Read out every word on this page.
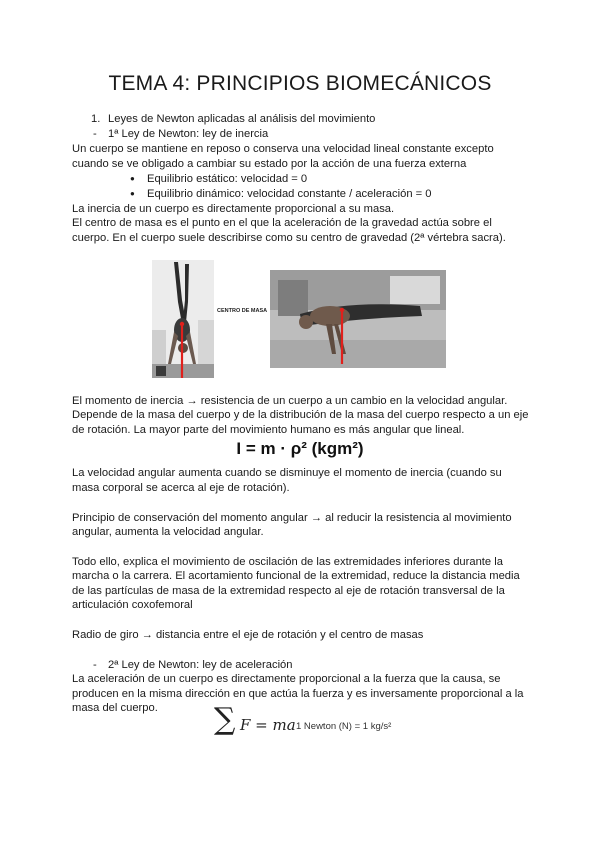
TEMA 4: PRINCIPIOS BIOMECÁNICOS
1. Leyes de Newton aplicadas al análisis del movimiento
- 1ª Ley de Newton: ley de inercia
Un cuerpo se mantiene en reposo o conserva una velocidad lineal constante excepto
cuando se ve obligado a cambiar su estado por la acción de una fuerza externa
● Equilibrio estático: velocidad = 0
● Equilibrio dinámico: velocidad constante / aceleración = 0
La inercia de un cuerpo es directamente proporcional a su masa.
El centro de masa es el punto en el que la aceleración de la gravedad actúa sobre el
cuerpo. En el cuerpo suele describirse como su centro de gravedad (2ª vértebra sacra).
CENTRO DE MASA
El momento de inercia → resistencia de un cuerpo a un cambio en la velocidad angular.
Depende de la masa del cuerpo y de la distribución de la masa del cuerpo respecto a un eje
de rotación. La mayor parte del movimiento humano es más angular que lineal.
I = m · ρ² (kgm²)
La velocidad angular aumenta cuando se disminuye el momento de inercia (cuando su
masa corporal se acerca al eje de rotación).
Principio de conservación del momento angular → al reducir la resistencia al movimiento
angular, aumenta la velocidad angular.
Todo ello, explica el movimiento de oscilación de las extremidades inferiores durante la
marcha o la carrera. El acortamiento funcional de la extremidad, reduce la distancia media
de las partículas de masa de la extremidad respecto al eje de rotación transversal de la
articulación coxofemoral
Radio de giro → distancia entre el eje de rotación y el centro de masas
- 2ª Ley de Newton: ley de aceleración
La aceleración de un cuerpo es directamente proporcional a la fuerza que la causa, se
producen en la misma dirección en que actúa la fuerza y es inversamente proporcional a la
masa del cuerpo. ∑ F = ma 1 Newton (N) = 1 kg/s²
